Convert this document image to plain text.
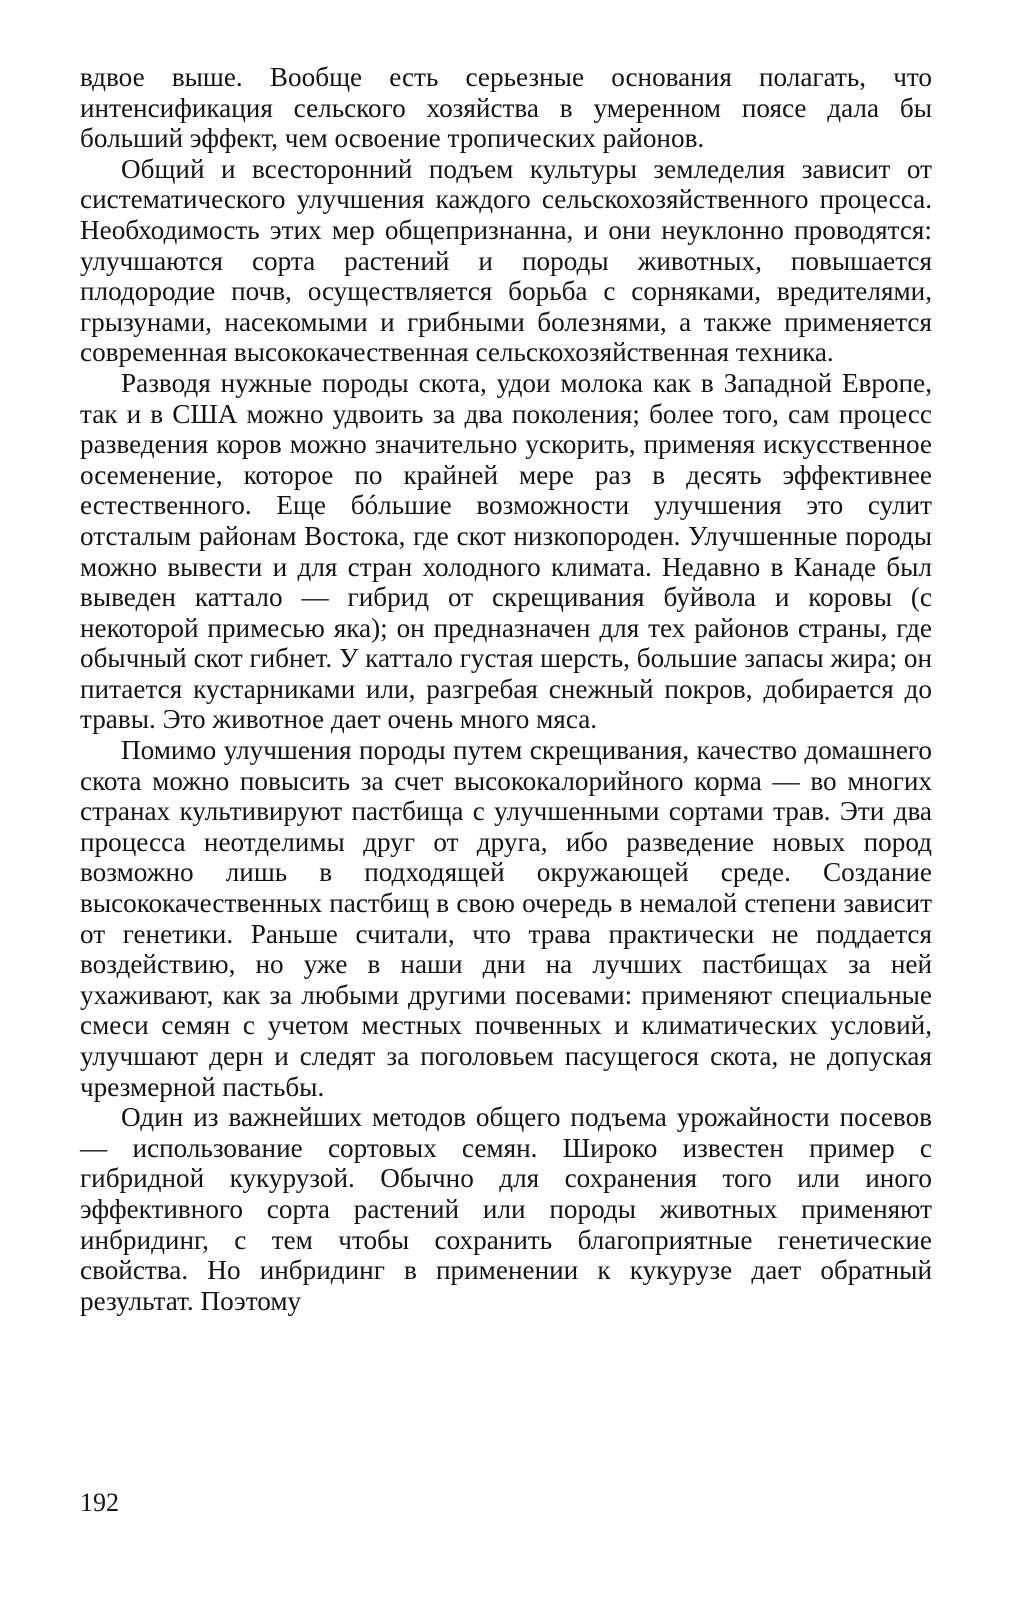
вдвое выше. Вообще есть серьезные основания полагать, что интенсификация сельского хозяйства в умеренном поясе дала бы больший эффект, чем освоение тропических районов.

Общий и всесторонний подъем культуры земледелия зависит от систематического улучшения каждого сельскохозяйственного процесса. Необходимость этих мер общепризнанна, и они неуклонно проводятся: улучшаются сорта растений и породы животных, повышается плодородие почв, осуществляется борьба с сорняками, вредителями, грызунами, насекомыми и грибными болезнями, а также применяется современная высококачественная сельскохозяйственная техника.

Разводя нужные породы скота, удои молока как в Западной Европе, так и в США можно удвоить за два поколения; более того, сам процесс разведения коров можно значительно ускорить, применяя искусственное осеменение, которое по крайней мере раз в десять эффективнее естественного. Еще бóльшие возможности улучшения это сулит отсталым районам Востока, где скот низкопороден. Улучшенные породы можно вывести и для стран холодного климата. Недавно в Канаде был выведен каттало — гибрид от скрещивания буйвола и коровы (с некоторой примесью яка); он предназначен для тех районов страны, где обычный скот гибнет. У каттало густая шерсть, большие запасы жира; он питается кустарниками или, разгребая снежный покров, добирается до травы. Это животное дает очень много мяса.

Помимо улучшения породы путем скрещивания, качество домашнего скота можно повысить за счет высококалорийного корма — во многих странах культивируют пастбища с улучшенными сортами трав. Эти два процесса неотделимы друг от друга, ибо разведение новых пород возможно лишь в подходящей окружающей среде. Создание высококачественных пастбищ в свою очередь в немалой степени зависит от генетики. Раньше считали, что трава практически не поддается воздействию, но уже в наши дни на лучших пастбищах за ней ухаживают, как за любыми другими посевами: применяют специальные смеси семян с учетом местных почвенных и климатических условий, улучшают дерн и следят за поголовьем пасущегося скота, не допуская чрезмерной пастьбы.

Один из важнейших методов общего подъема урожайности посевов — использование сортовых семян. Широко известен пример с гибридной кукурузой. Обычно для сохранения того или иного эффективного сорта растений или породы животных применяют инбридинг, с тем чтобы сохранить благоприятные генетические свойства. Но инбридинг в применении к кукурузе дает обратный результат. Поэтому

192
